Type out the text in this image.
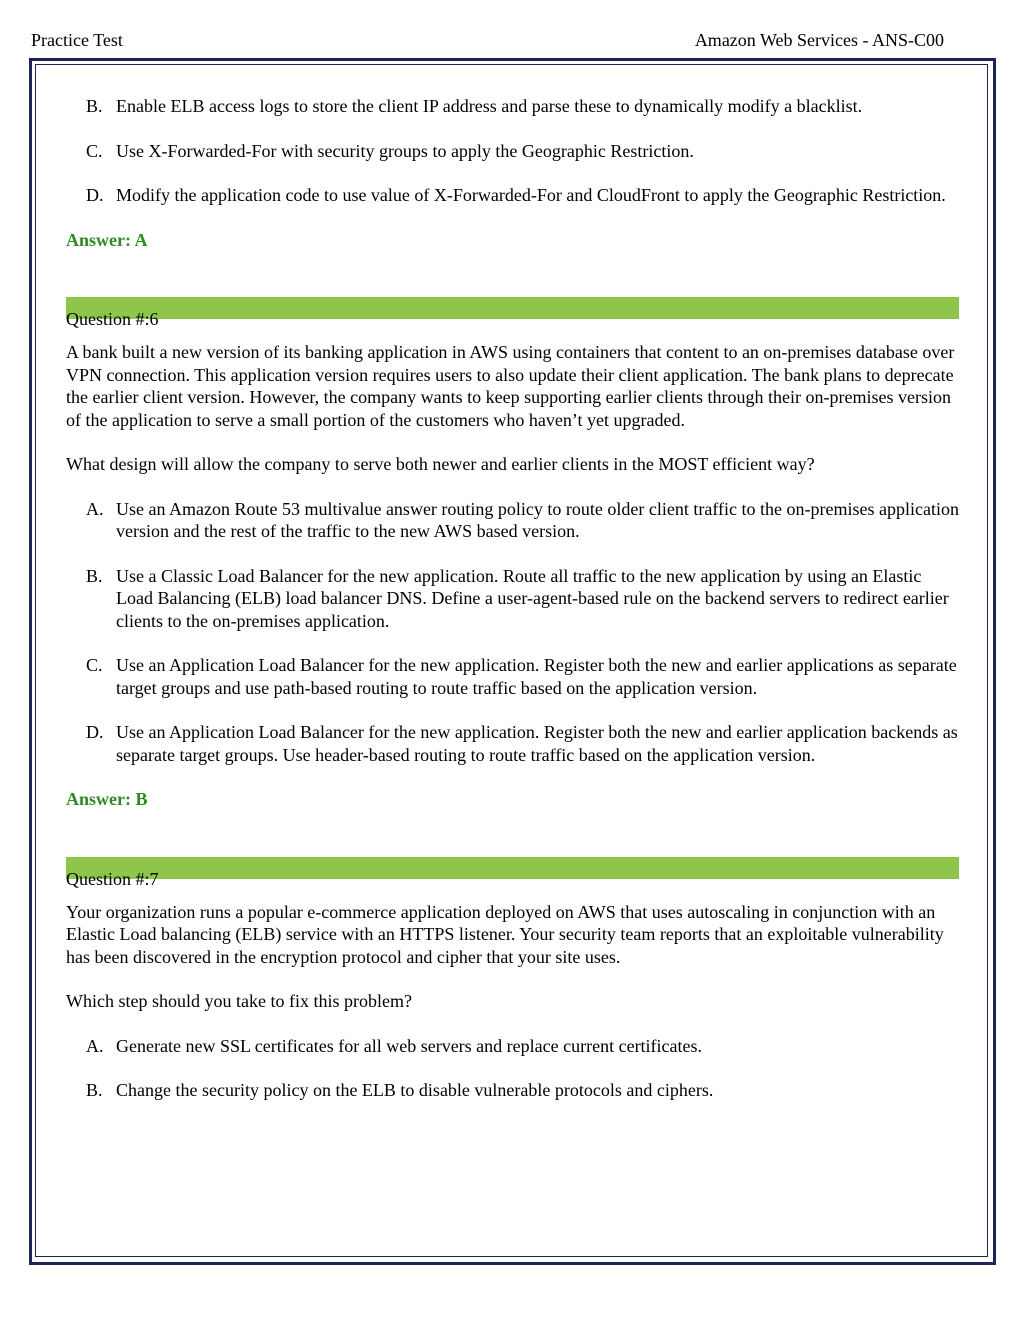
Practice Test	Amazon Web Services - ANS-C00
B. Enable ELB access logs to store the client IP address and parse these to dynamically modify a blacklist.
C. Use X-Forwarded-For with security groups to apply the Geographic Restriction.
D. Modify the application code to use value of X-Forwarded-For and CloudFront to apply the Geographic Restriction.
Answer: A
Question #:6
A bank built a new version of its banking application in AWS using containers that content to an on-premises database over VPN connection. This application version requires users to also update their client application. The bank plans to deprecate the earlier client version. However, the company wants to keep supporting earlier clients through their on-premises version of the application to serve a small portion of the customers who haven’t yet upgraded.
What design will allow the company to serve both newer and earlier clients in the MOST efficient way?
A. Use an Amazon Route 53 multivalue answer routing policy to route older client traffic to the on-premises application version and the rest of the traffic to the new AWS based version.
B. Use a Classic Load Balancer for the new application. Route all traffic to the new application by using an Elastic Load Balancing (ELB) load balancer DNS. Define a user-agent-based rule on the backend servers to redirect earlier clients to the on-premises application.
C. Use an Application Load Balancer for the new application. Register both the new and earlier applications as separate target groups and use path-based routing to route traffic based on the application version.
D. Use an Application Load Balancer for the new application. Register both the new and earlier application backends as separate target groups. Use header-based routing to route traffic based on the application version.
Answer: B
Question #:7
Your organization runs a popular e-commerce application deployed on AWS that uses autoscaling in conjunction with an Elastic Load balancing (ELB) service with an HTTPS listener. Your security team reports that an exploitable vulnerability has been discovered in the encryption protocol and cipher that your site uses.
Which step should you take to fix this problem?
A. Generate new SSL certificates for all web servers and replace current certificates.
B. Change the security policy on the ELB to disable vulnerable protocols and ciphers.
